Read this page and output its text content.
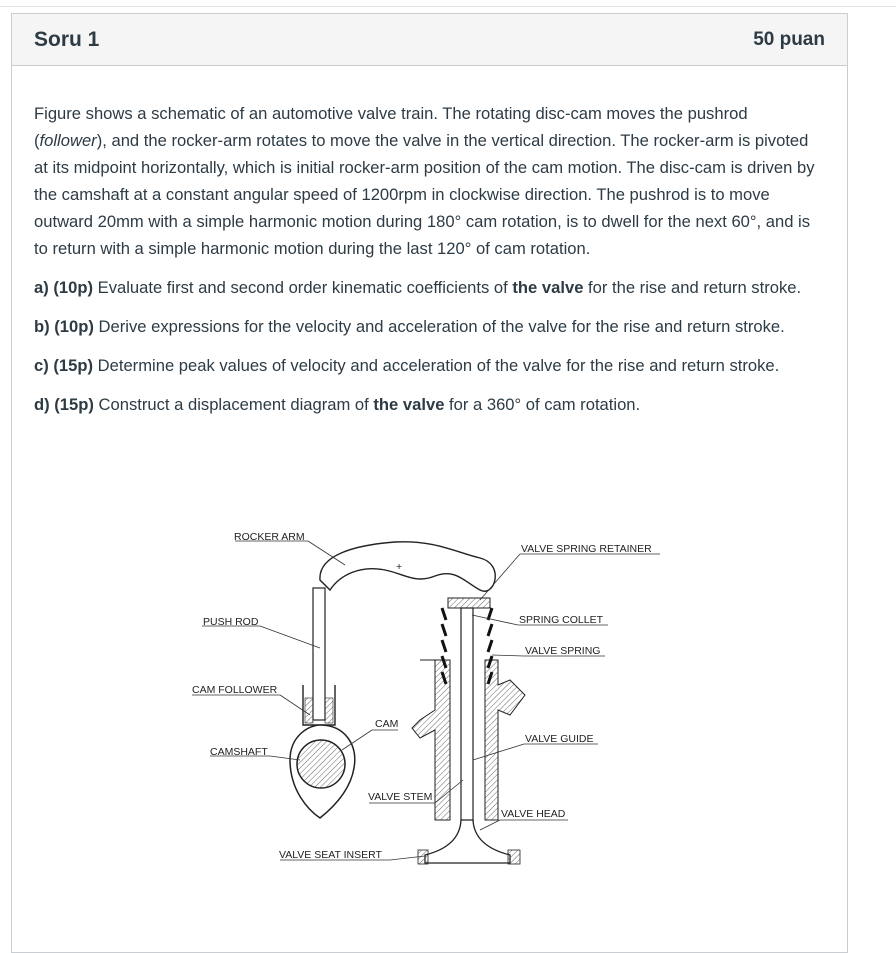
Soru 1	50 puan

Figure shows a schematic of an automotive valve train. The rotating disc-cam moves the pushrod (follower), and the rocker-arm rotates to move the valve in the vertical direction. The rocker-arm is pivoted at its midpoint horizontally, which is initial rocker-arm position of the cam motion. The disc-cam is driven by the camshaft at a constant angular speed of 1200rpm in clockwise direction. The pushrod is to move outward 20mm with a simple harmonic motion during 180° cam rotation, is to dwell for the next 60°, and is to return with a simple harmonic motion during the last 120° of cam rotation.

a) (10p) Evaluate first and second order kinematic coefficients of the valve for the rise and return stroke.

b) (10p) Derive expressions for the velocity and acceleration of the valve for the rise and return stroke.

c) (15p) Determine peak values of velocity and acceleration of the valve for the rise and return stroke.

d) (15p) Construct a displacement diagram of the valve for a 360° of cam rotation.

+
ROCKER ARM
PUSH ROD
CAM FOLLOWER
CAMSHAFT
CAM
VALVE STEM
VALVE SEAT INSERT
VALVE SPRING RETAINER
SPRING COLLET
VALVE SPRING
VALVE GUIDE
VALVE HEAD
